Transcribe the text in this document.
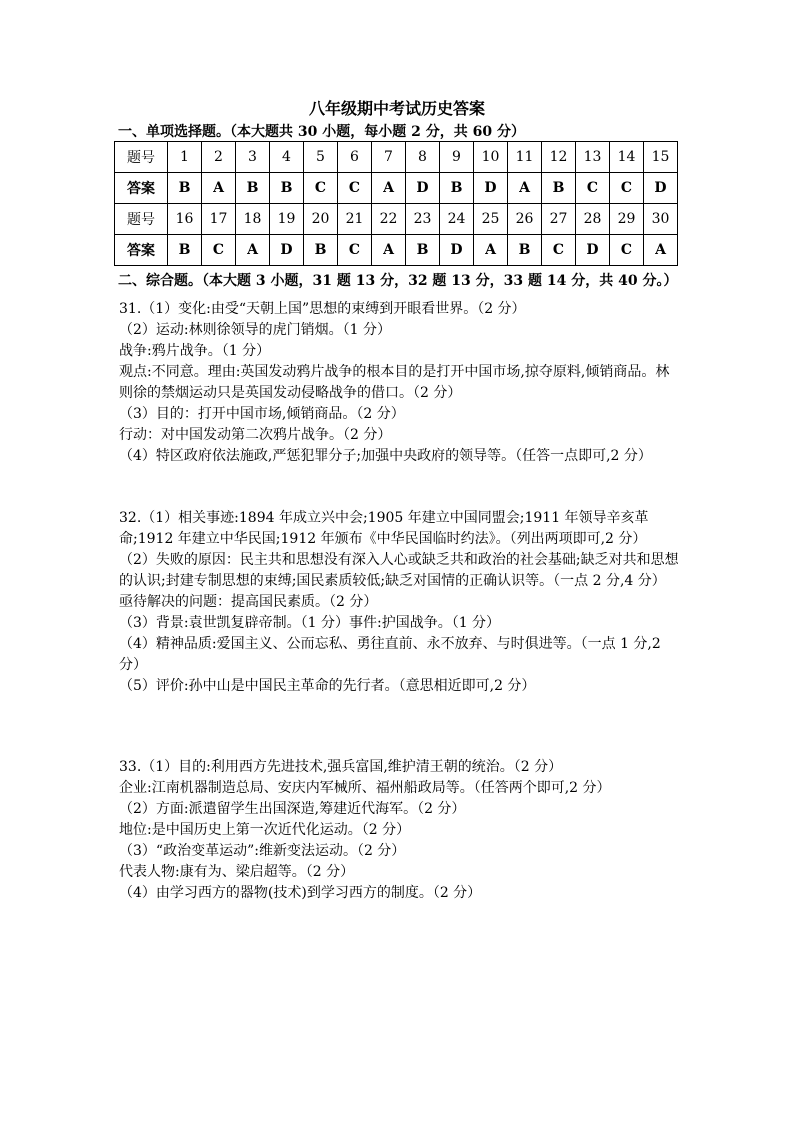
八年级期中考试历史答案
一、单项选择题。（本大题共 30 小题，每小题 2 分，共 60 分）
题号	1	2	3	4	5	6	7	8	9	10	11	12	13	14	15
答案	B	A	B	B	C	C	A	D	B	D	A	B	C	C	D
题号	16	17	18	19	20	21	22	23	24	25	26	27	28	29	30
答案	B	C	A	D	B	C	A	B	D	A	B	C	D	C	A
二、综合题。（本大题 3 小题，31 题 13 分，32 题 13 分，33 题 14 分，共 40 分。）

31.（1）变化:由受“天朝上国”思想的束缚到开眼看世界。（2 分）

（2）运动:林则徐领导的虎门销烟。（1 分）

战争:鸦片战争。（1 分）

观点:不同意。理由:英国发动鸦片战争的根本目的是打开中国市场,掠夺原料,倾销商品。林则徐的禁烟运动只是英国发动侵略战争的借口。（2 分）

（3）目的：打开中国市场,倾销商品。（2 分）

行动：对中国发动第二次鸦片战争。（2 分）

（4）特区政府依法施政,严惩犯罪分子;加强中央政府的领导等。（任答一点即可,2 分）

32.（1）相关事迹:1894 年成立兴中会;1905 年建立中国同盟会;1911 年领导辛亥革命;1912 年建立中华民国;1912 年颁布《中华民国临时约法》。（列出两项即可,2 分）

（2）失败的原因：民主共和思想没有深入人心或缺乏共和政治的社会基础;缺乏对共和思想的认识;封建专制思想的束缚;国民素质较低;缺乏对国情的正确认识等。（一点 2 分,4 分）

亟待解决的问题：提高国民素质。（2 分）

（3）背景:袁世凯复辟帝制。（1 分）事件:护国战争。（1 分）

（4）精神品质:爱国主义、公而忘私、勇往直前、永不放弃、与时俱进等。（一点 1 分,2 分）

（5）评价:孙中山是中国民主革命的先行者。（意思相近即可,2 分）

33.（1）目的:利用西方先进技术,强兵富国,维护清王朝的统治。（2 分）

企业:江南机器制造总局、安庆内军械所、福州船政局等。（任答两个即可,2 分）

（2）方面:派遣留学生出国深造,筹建近代海军。（2 分）

地位:是中国历史上第一次近代化运动。（2 分）

（3）“政治变革运动”:维新变法运动。（2 分）

代表人物:康有为、梁启超等。（2 分）

（4）由学习西方的器物(技术)到学习西方的制度。（2 分）
